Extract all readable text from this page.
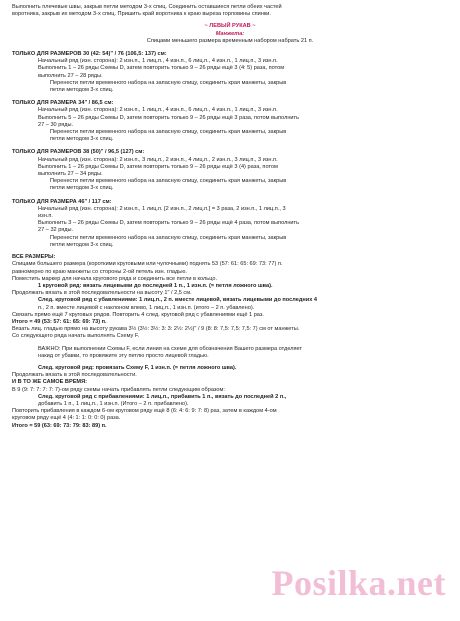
Выполнить плечевые швы, закрыв петли методом 3-х спиц. Соединить оставшиеся петли обеих частей

воротника, закрыв их методом 3-х спиц. Пришить край воротника к краю выреза горловины спинки.

~ ЛЕВЫЙ РУКАВ ~

Манжета:

Спицами меньшего размера временным набором набрать 21 п.

ТОЛЬКО ДЛЯ РАЗМЕРОВ 30 (42: 54)" / 76 (106,5: 137) см:

Начальный ряд (изн. сторона): 2 изн.п., 1 лиц.п., 4 изн.п., 6 лиц.п., 4 изн.п., 1 лиц.п., 3 изн.п.

Выполнить 1 – 26 ряды Схемы D, затем повторить только 9 – 26 ряды ещё 3 (4: 5) раза, потом

выполнить 27 – 28 ряды.

Перенести петли временного набора на запасную спицу, соединить края манжеты, закрыв

петли методом 3-х спиц.

ТОЛЬКО ДЛЯ РАЗМЕРА 34" / 86,5 см:

Начальный ряд (изн. сторона): 2 изн.п., 1 лиц.п., 4 изн.п., 6 лиц.п., 4 изн.п., 1 лиц.п., 3 изн.п.

Выполнить 5 – 26 ряды Схемы D, затем повторить только 9 – 26 ряды ещё 3 раза, потом выполнить

27 – 30 ряды.

Перенести петли временного набора на запасную спицу, соединить края манжеты, закрыв

петли методом 3-х спиц.

ТОЛЬКО ДЛЯ РАЗМЕРОВ 38 (50)" / 96,5 (127) см:

Начальный ряд (изн. сторона): 2 изн.п., 3 лиц.п., 2 изн.п., 4 лиц.п., 2 изн.п., 3 лиц.п., 3 изн.п.

Выполнить 1 – 26 ряды Схемы D, затем повторить только 9 – 26 ряды ещё 3 (4) раза, потом

выполнить 27 – 34 ряды.

Перенести петли временного набора на запасную спицу, соединить края манжеты, закрыв

петли методом 3-х спиц.

ТОЛЬКО ДЛЯ РАЗМЕРА 46" / 117 см:

Начальный ряд (изн. сторона): 2 изн.п., 1 лиц.п. [2 изн.п., 2 лиц.п.] = 3 раза, 2 изн.п., 1 лиц.п., 3

изн.п.

Выполнить 3 – 26 ряды Схемы D, затем повторить только 9 – 26 ряды ещё 4 раза, потом выполнить

27 – 32 ряды.

Перенести петли временного набора на запасную спицу, соединить края манжеты, закрыв

петли методом 3-х спиц.

ВСЕ РАЗМЕРЫ:

Спицами большего размера (короткими круговыми или чулочными) поднять 53 (57: 61: 65: 69: 73: 77) п.

равномерно по краю манжеты со стороны 2-ой петель изн. гладью.

Поместить маркер для начала кругового ряда и соединить все петли в кольцо.

1 круговой ряд: вязать лицевыми до последней 1 п., 1 изн.п. (= петля ложного шва).

Продолжать вязать в этой последовательности на высоту 1" / 2,5 см.

След. круговой ряд с убавлениями: 1 лиц.п., 2 п. вместе лицевой, вязать лицевыми до последних 4

п., 2 п. вместе лицевой с наклоном влево, 1 лиц.п., 1 изн.п. (итого – 2 п. убавлено).

Связать прямо ещё 7 круговых рядов. Повторить 4 след. круговой ряд с убавлениями ещё 1 раз.

Итого = 49 (53: 57: 61: 65: 69: 73) п.

Вязать лиц. гладью прямо на высоту рукава 3½ (3½: 3½: 3: 3: 2½: 2½)" / 9 (8: 8: 7,5: 7,5: 7,5: 7) см от манжеты.

Со следующего ряда начать выполнять Схему F.

ВАЖНО: При выполнении Схемы F, если линия на схеме для обозначения Вашего размера отделяет

накид от убавки, то провяжите эту петлю просто лицевой гладью.

След. круговой ряд: провязать Схему F, 1 изн.п. (= петля ложного шва).

Продолжать вязать в этой последовательности.

И В ТО ЖЕ САМОЕ ВРЕМЯ:

В 9 (9: 7: 7: 7: 7: 7)-ом ряду схемы начать прибавлять петли следующим образом:

След. круговой ряд с прибавлениями: 1 лиц.п., прибавить 1 п., вязать до последней 2 п.,

добавить 1 п., 1 лиц.п., 1 изн.п. (Итого – 2 п. прибавлено).

Повторить прибавления в каждом 6-ом круговом ряду ещё 8 (6: 4: 6: 9: 7: 8) раз, затем в каждом 4-ом

круговом ряду ещё 4 (4: 1: 1: 0: 0: 0) раза.

Итого = 59 (63: 69: 73: 79: 83: 89) п.

Posilka.net
